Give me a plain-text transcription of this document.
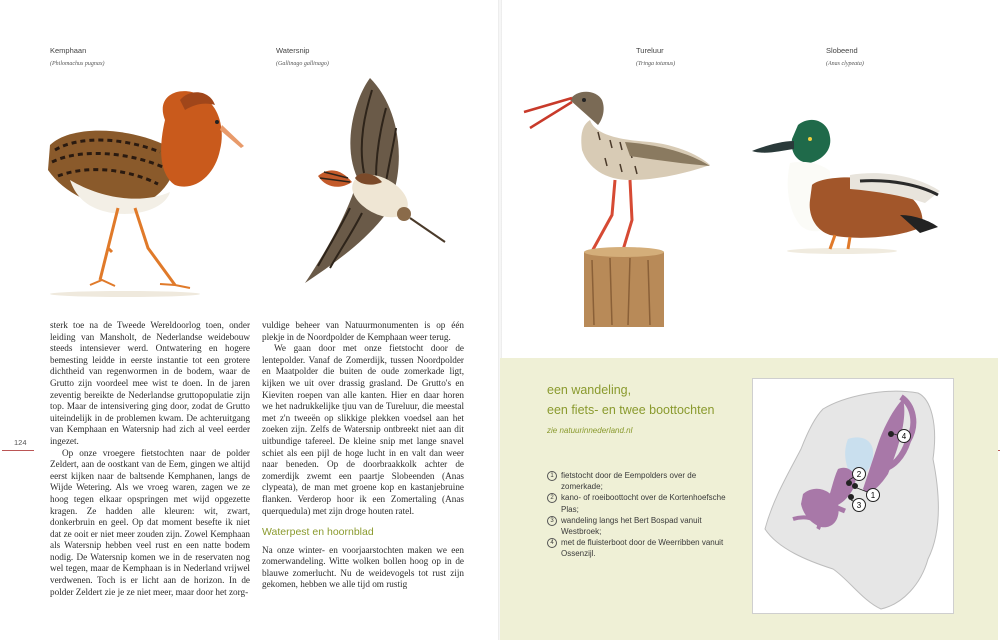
Kemphaan
(Philomachus pugnax)
Watersnip
(Gallinago gallinago)
Tureluur
(Tringa totanus)
Slobeend
(Anas clypeata)

sterk toe na de Tweede Wereldoorlog toen, onder leiding van Mansholt, de Nederlandse weidebouw steeds intensiever werd. Ontwatering en hogere bemesting leidde in eerste instantie tot een grotere dichtheid van regenwormen in de bodem, waar de Grutto zijn voordeel mee wist te doen. In de jaren zeventig bereikte de Nederlandse gruttopopulatie zijn top. Maar de intensivering ging door, zodat de Grutto uiteindelijk in de problemen kwam. De achteruitgang van Kemphaan en Watersnip had zich al veel eerder ingezet.

Op onze vroegere fietstochten naar de polder Zeldert, aan de oostkant van de Eem, gingen we altijd eerst kijken naar de baltsende Kemphanen, langs de Wijde Wetering. Als we vroeg waren, zagen we ze hoog tegen elkaar opspringen met wijd opgezette kragen. Ze hadden alle kleuren: wit, zwart, donkerbruin en geel. Op dat moment besefte ik niet dat ze ooit er niet meer zouden zijn. Zowel Kemphaan als Watersnip hebben veel rust en een natte bodem nodig. De Watersnip komen we in de reservaten nog wel tegen, maar de Kemphaan is in Nederland vrijwel verdwenen. Toch is er licht aan de horizon. In de polder Zeldert zie je ze niet meer, maar door het zorg-

vuldige beheer van Natuurmonumenten is op één plekje in de Noordpolder de Kemphaan weer terug.

We gaan door met onze fietstocht door de lentepolder. Vanaf de Zomerdijk, tussen Noordpolder en Maatpolder die buiten de oude zomerkade ligt, kijken we uit over drassig grasland. De Grutto's en Kieviten roepen van alle kanten. Hier en daar horen we het nadrukkelijke tjuu van de Tureluur, die meestal met z'n tweeën op slikkige plekken voedsel aan het zoeken zijn. Zelfs de Watersnip ontbreekt niet aan dit uitbundige tafereel. De kleine snip met lange snavel schiet als een pijl de hoge lucht in en valt dan weer naar beneden. Op de doorbraakkolk achter de zomerdijk zwemt een paartje Slobeenden (Anas clypeata), de man met groene kop en kastanjebruine flanken. Verderop hoor ik een Zomertaling (Anas querquedula) met zijn droge houten ratel.

Waterpest en hoornblad

Na onze winter- en voorjaarstochten maken we een zomerwandeling. Witte wolken bollen hoog op in de blauwe zomerlucht. Nu de weidevogels tot rust zijn gekomen, hebben we alle tijd om rustig

124
een wandeling,
een fiets- en twee boottochten
zie natuurinnederland.nl
1 fietstocht door de Eempolders over de zomerkade;
2 kano- of roeiboottocht over de Kortenhoefsche Plas;
3 wandeling langs het Bert Bospad vanuit Westbroek;
4 met de fluisterboot door de Weerribben vanuit Ossenzijl.
1
2
3
4
